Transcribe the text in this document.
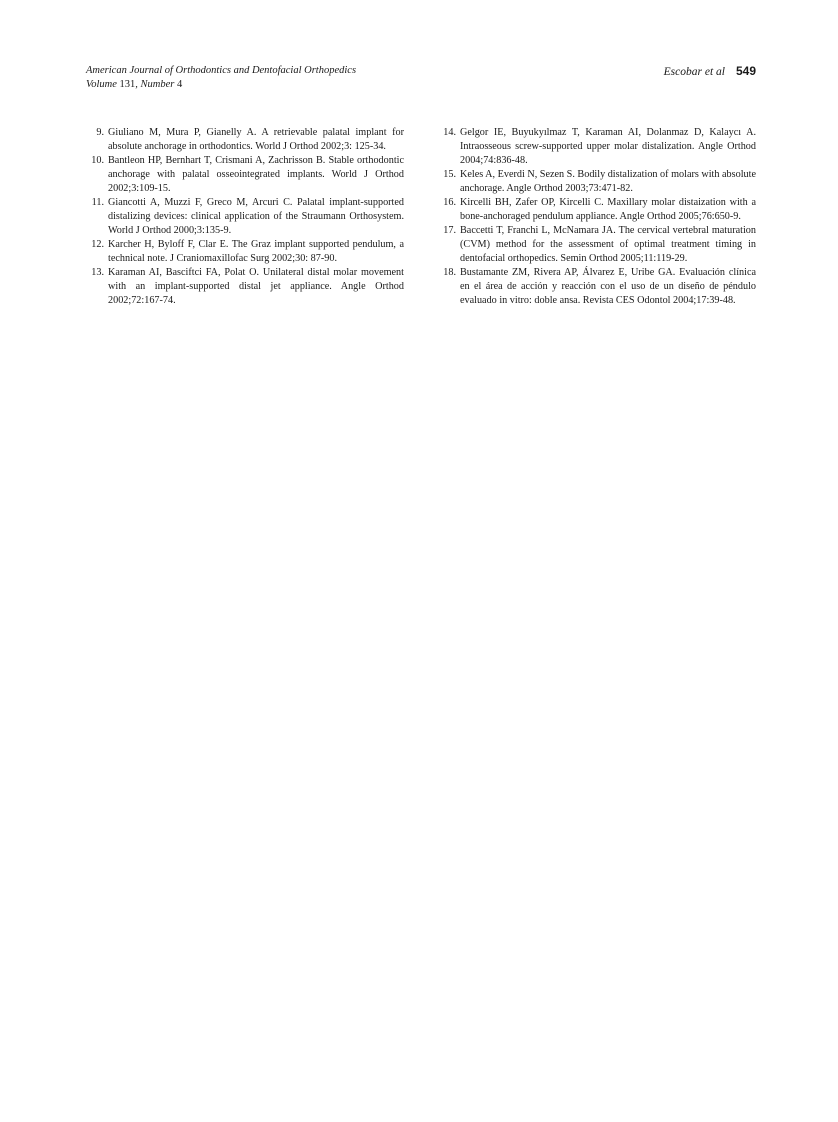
American Journal of Orthodontics and Dentofacial Orthopedics
Volume 131, Number 4
Escobar et al 549
9. Giuliano M, Mura P, Gianelly A. A retrievable palatal implant for absolute anchorage in orthodontics. World J Orthod 2002;3: 125-34.
10. Bantleon HP, Bernhart T, Crismani A, Zachrisson B. Stable orthodontic anchorage with palatal osseointegrated implants. World J Orthod 2002;3:109-15.
11. Giancotti A, Muzzi F, Greco M, Arcuri C. Palatal implant-supported distalizing devices: clinical application of the Straumann Orthosystem. World J Orthod 2000;3:135-9.
12. Karcher H, Byloff F, Clar E. The Graz implant supported pendulum, a technical note. J Craniomaxillofac Surg 2002;30: 87-90.
13. Karaman AI, Basciftci FA, Polat O. Unilateral distal molar movement with an implant-supported distal jet appliance. Angle Orthod 2002;72:167-74.
14. Gelgor IE, Buyukyılmaz T, Karaman AI, Dolanmaz D, Kalaycı A. Intraosseous screw-supported upper molar distalization. Angle Orthod 2004;74:836-48.
15. Keles A, Everdi N, Sezen S. Bodily distalization of molars with absolute anchorage. Angle Orthod 2003;73:471-82.
16. Kircelli BH, Zafer OP, Kircelli C. Maxillary molar distaization with a bone-anchoraged pendulum appliance. Angle Orthod 2005;76:650-9.
17. Baccetti T, Franchi L, McNamara JA. The cervical vertebral maturation (CVM) method for the assessment of optimal treatment timing in dentofacial orthopedics. Semin Orthod 2005;11:119-29.
18. Bustamante ZM, Rivera AP, Álvarez E, Uribe GA. Evaluación clínica en el área de acción y reacción con el uso de un diseño de péndulo evaluado in vitro: doble ansa. Revista CES Odontol 2004;17:39-48.
